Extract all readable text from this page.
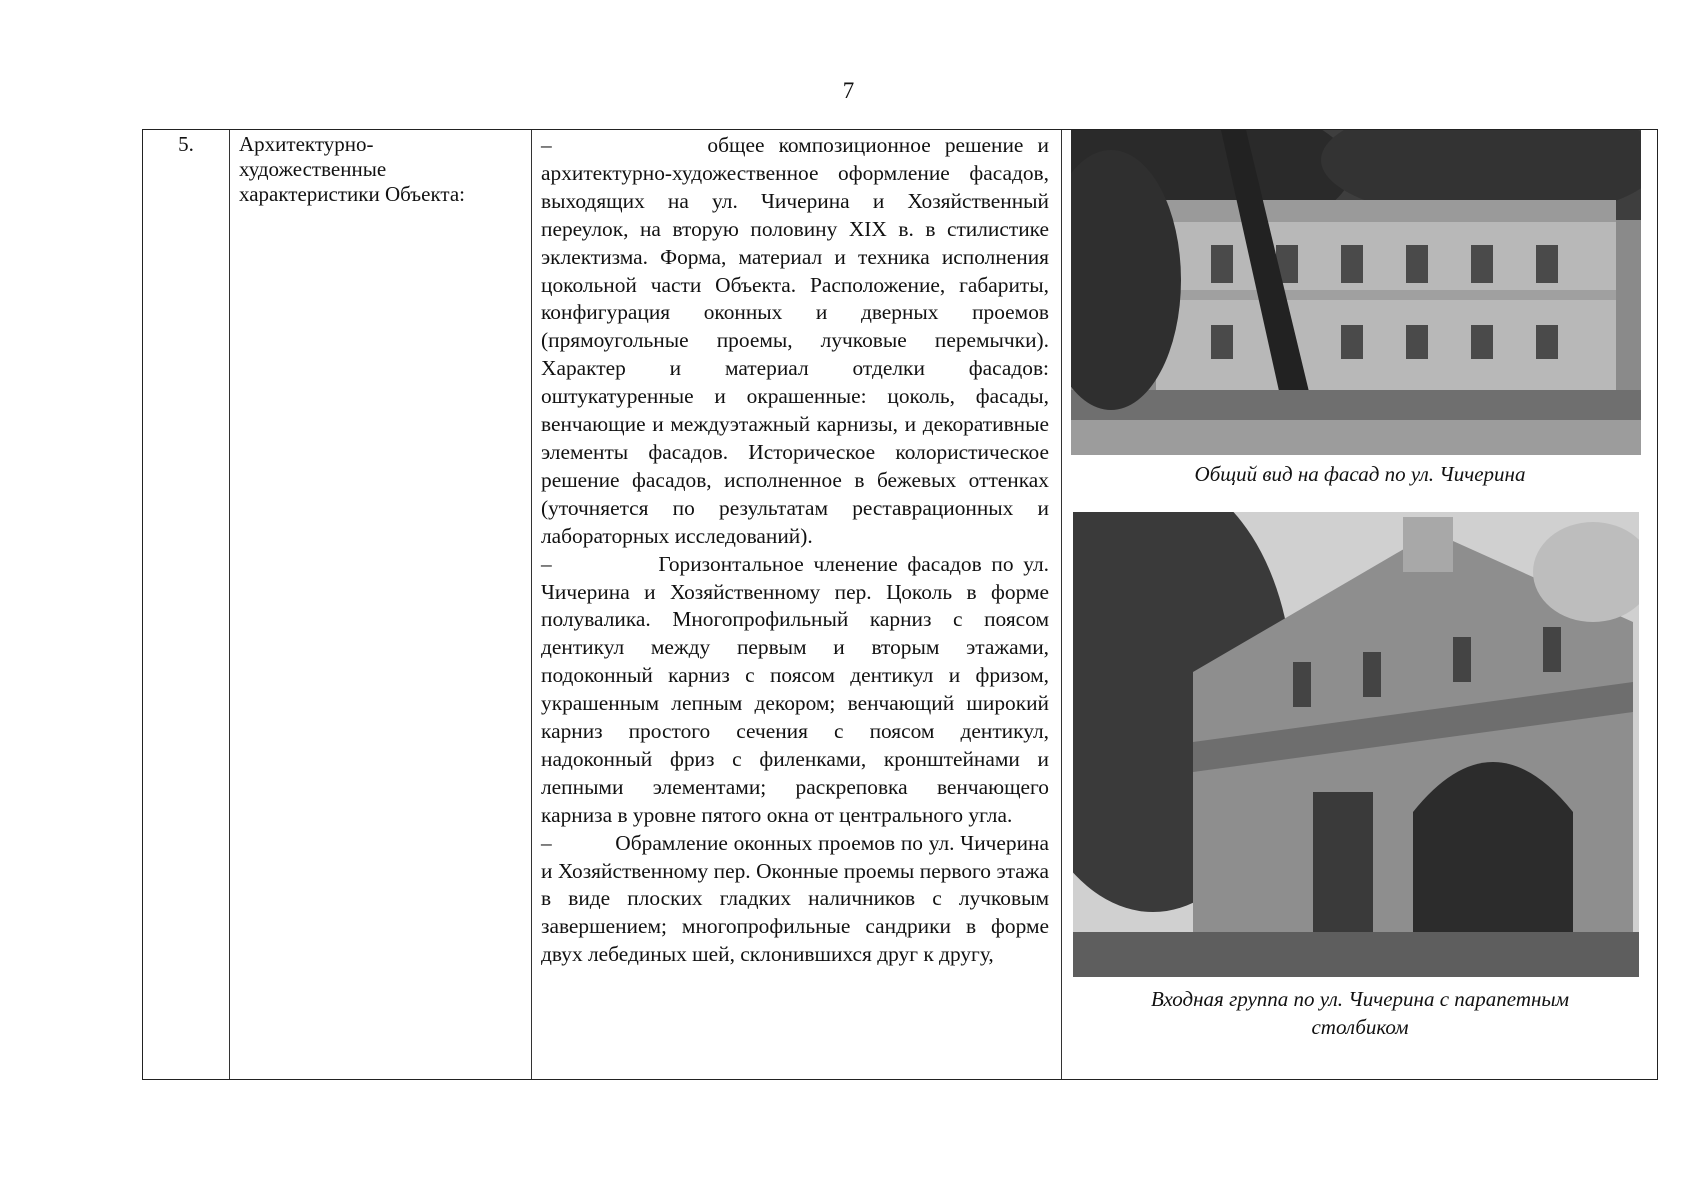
7
5.	Архитектурно-художественные характеристики Объекта:

–           общее композиционное решение и архитектурно-художественное оформление фасадов, выходящих на ул. Чичерина и Хозяйственный переулок, на вторую половину XIX в. в стилистике эклектизма. Форма, материал и техника исполнения цокольной части Объекта. Расположение, габариты, конфигурация оконных и дверных проемов (прямоугольные проемы, лучковые перемычки). Характер и материал отделки фасадов: оштукатуренные и окрашенные: цоколь, фасады, венчающие и междуэтажный карнизы, и декоративные элементы фасадов. Историческое колористическое решение фасадов, исполненное в бежевых оттенках (уточняется по результатам реставрационных и лабораторных исследований).

–           Горизонтальное членение фасадов по ул. Чичерина и Хозяйственному пер. Цоколь в форме полувалика. Многопрофильный карниз с поясом дентикул между первым и вторым этажами, подоконный карниз с поясом дентикул и фризом, украшенным лепным декором; венчающий широкий карниз простого сечения с поясом дентикул, надоконный фриз с филенками, кронштейнами и лепными элементами; раскреповка венчающего карниза в уровне пятого окна от центрального угла.

–           Обрамление оконных проемов по ул. Чичерина и Хозяйственному пер. Оконные проемы первого этажа в виде плоских гладких наличников с лучковым завершением; многопрофильные сандрики в форме двух лебединых шей, склонившихся друг к другу,

Общий вид на фасад по ул. Чичерина
Входная группа по ул. Чичерина с парапетным столбиком
